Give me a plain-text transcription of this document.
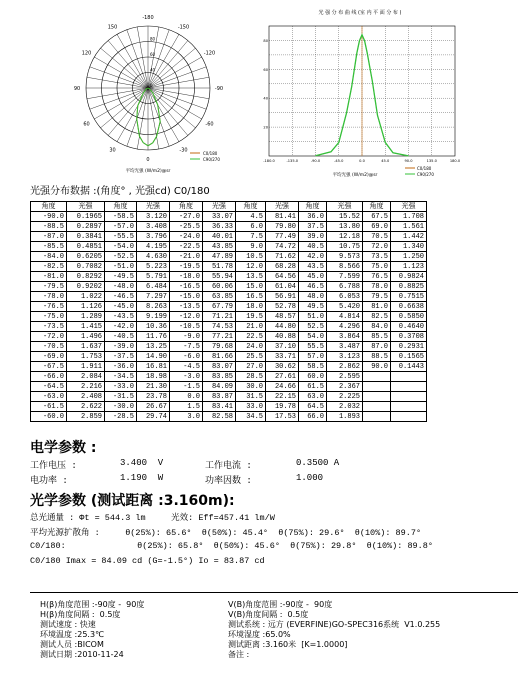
-180
-150
-120
-90
-60
-30
0
30
60
90
120
150
0
40
60
80
C0/180
C90/270
平均光强 (W/m2)@sr
光 强 分 布 曲 线 (室 内 平 面 分 布 )
-180.0	-135.0	-90.0	-45.0	0.0	45.0	90.0	135.0	180.0
80
60
40
20
C0/180
C90/270
平均光强 (W/m2)@sr
光强分布数据 :(角度° , 光强cd) C0/180
角度	光强	角度	光强	角度	光强	角度	光强	角度	光强	角度	光强
-90.0	0.1965	-58.5	3.120	-27.0	33.07	4.5	81.41	36.0	15.52	67.5	1.708
-88.5	0.2897	-57.0	3.408	-25.5	36.33	6.0	79.80	37.5	13.80	69.0	1.561
-87.0	0.3841	-55.5	3.796	-24.0	40.01	7.5	77.49	39.0	12.18	70.5	1.442
-85.5	0.4851	-54.0	4.195	-22.5	43.85	9.0	74.72	40.5	10.75	72.0	1.340
-84.0	0.6205	-52.5	4.630	-21.0	47.89	10.5	71.62	42.0	9.573	73.5	1.250
-82.5	0.7082	-51.0	5.223	-19.5	51.78	12.0	68.28	43.5	8.566	75.0	1.123
-81.0	0.8292	-49.5	5.791	-18.0	55.94	13.5	64.56	45.0	7.599	76.5	0.9824
-79.5	0.9202	-48.0	6.484	-16.5	60.06	15.0	61.04	46.5	6.788	78.0	0.8825
-78.0	1.022	-46.5	7.297	-15.0	63.85	16.5	56.91	48.0	6.053	79.5	0.7515
-76.5	1.126	-45.0	8.263	-13.5	67.79	18.0	52.78	49.5	5.420	81.0	0.6638
-75.0	1.289	-43.5	9.199	-12.0	71.21	19.5	48.57	51.0	4.814	82.5	0.5850
-73.5	1.415	-42.0	10.36	-10.5	74.53	21.0	44.80	52.5	4.296	84.0	0.4640
-72.0	1.496	-40.5	11.76	-9.0	77.21	22.5	40.88	54.0	3.864	85.5	0.3708
-70.5	1.637	-39.0	13.25	-7.5	79.68	24.0	37.10	55.5	3.487	87.0	0.2931
-69.0	1.753	-37.5	14.90	-6.0	81.66	25.5	33.71	57.0	3.123	88.5	0.1565
-67.5	1.911	-36.0	16.81	-4.5	83.07	27.0	30.62	58.5	2.862	90.0	0.1443
-66.0	2.084	-34.5	18.98	-3.0	83.85	28.5	27.61	60.0	2.595		
-64.5	2.216	-33.0	21.30	-1.5	84.09	30.0	24.66	61.5	2.367		
-63.0	2.408	-31.5	23.78	0.0	83.87	31.5	22.15	63.0	2.225		
-61.5	2.622	-30.0	26.67	1.5	83.41	33.0	19.78	64.5	2.032		
-60.0	2.859	-28.5	29.74	3.0	82.58	34.5	17.53	66.0	1.893		
电学参数 :
工作电压 :	3.400  V	工作电流 :	0.3500 A
电功率 :	1.190  W	功率因数 :	1.000
光学参数 (测试距离 :3.160m):
总光通量 : Φt = 544.3 lm     光效: Eff=457.41 lm/W
平均光源扩散角 :     θ(25%): 65.6°  θ(50%): 45.4°  θ(75%): 29.6°  θ(10%): 89.7°
C0/180:              θ(25%): 65.8°  θ(50%): 45.6°  θ(75%): 29.8°  θ(10%): 89.8°
C0/180 Imax = 84.09 cd (G=-1.5°) Io = 83.87 cd
H(β)角度范围 :-90度 -  90度
H(β)角度间隔 :  0.5度
测试速度 : 快速
环境温度 :25.3℃
测试人员 :BICOM
测试日期 :2010-11-24
V(B)角度范围 :-90度 -  90度
V(B)角度间隔 :  0.5度
测试系统 : 远方 (EVERFINE)GO-SPEC316系统  V1.0.255
环境湿度 :65.0%
测试距离 :3.160米  [K=1.0000]
备注 :
